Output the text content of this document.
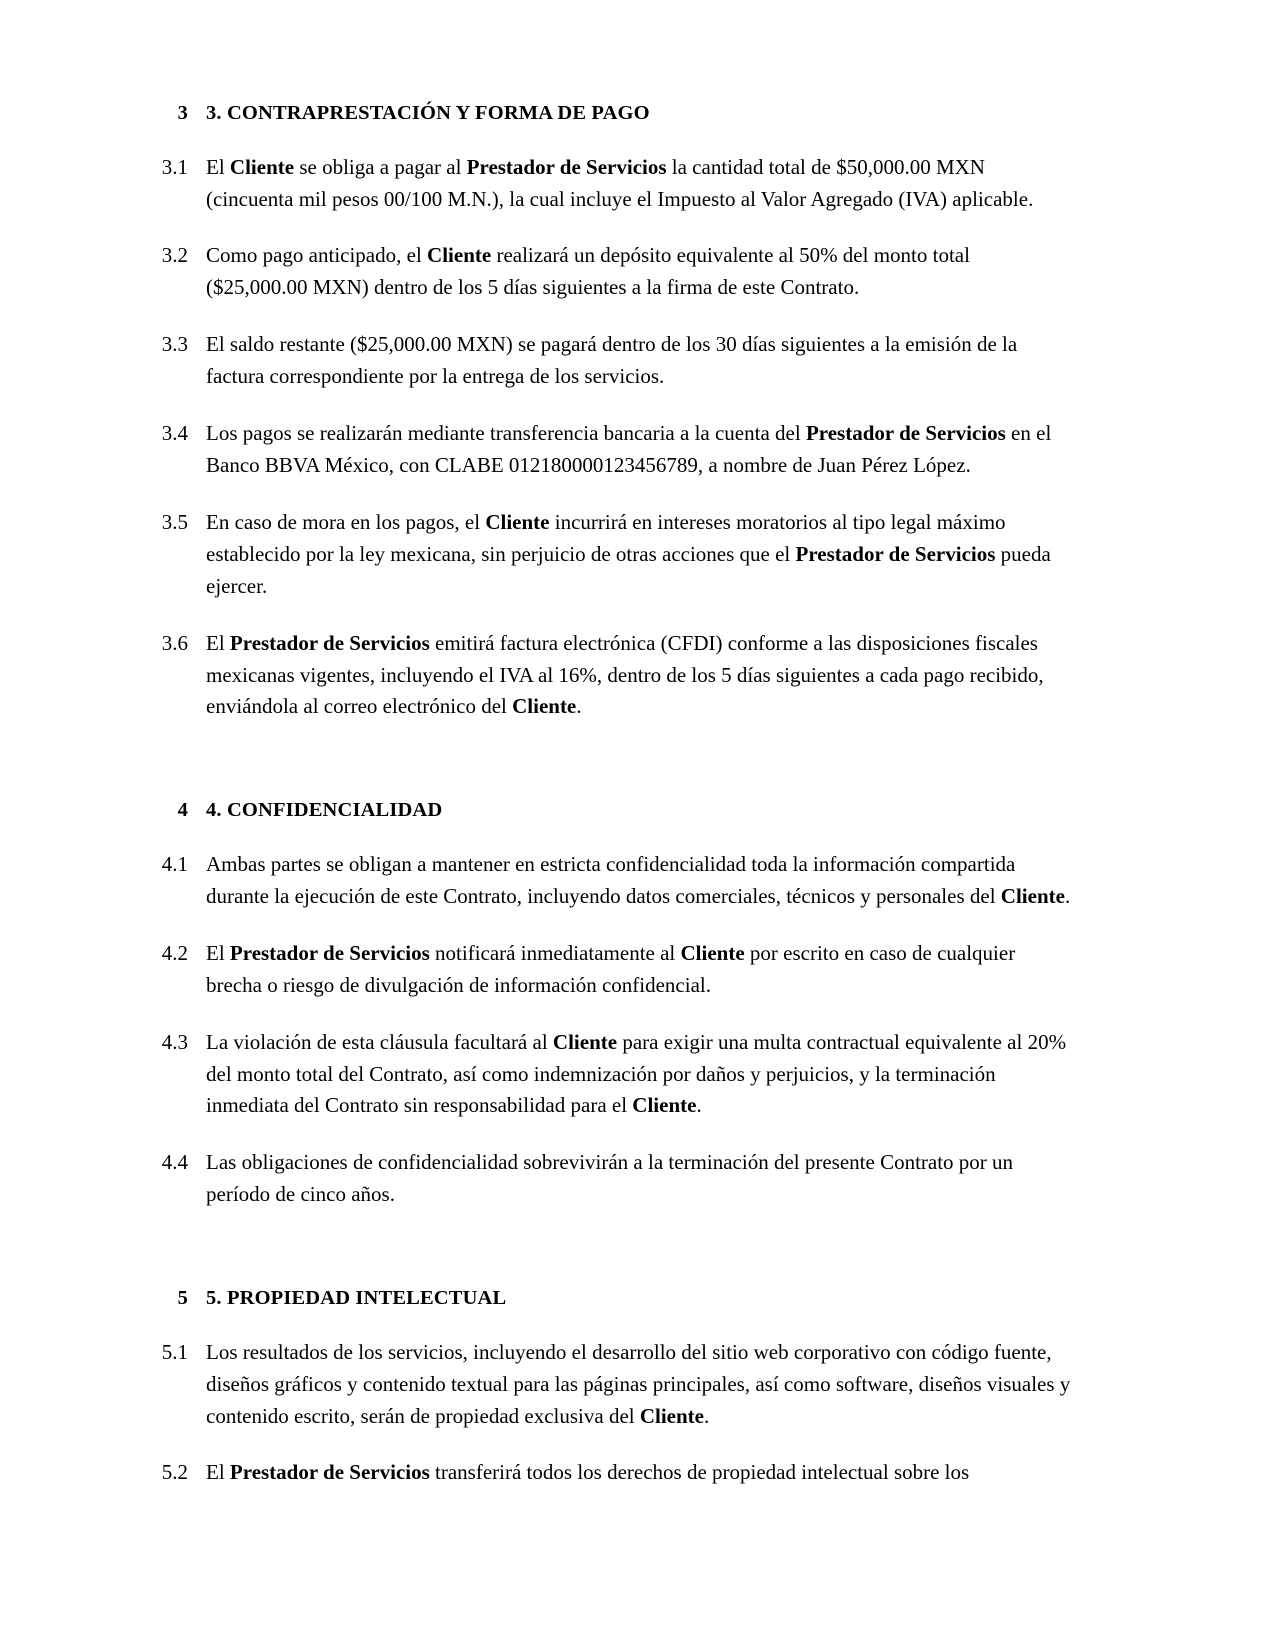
3 3. CONTRAPRESTACIÓN Y FORMA DE PAGO
3.1 El Cliente se obliga a pagar al Prestador de Servicios la cantidad total de $50,000.00 MXN (cincuenta mil pesos 00/100 M.N.), la cual incluye el Impuesto al Valor Agregado (IVA) aplicable.
3.2 Como pago anticipado, el Cliente realizará un depósito equivalente al 50% del monto total ($25,000.00 MXN) dentro de los 5 días siguientes a la firma de este Contrato.
3.3 El saldo restante ($25,000.00 MXN) se pagará dentro de los 30 días siguientes a la emisión de la factura correspondiente por la entrega de los servicios.
3.4 Los pagos se realizarán mediante transferencia bancaria a la cuenta del Prestador de Servicios en el Banco BBVA México, con CLABE 012180000123456789, a nombre de Juan Pérez López.
3.5 En caso de mora en los pagos, el Cliente incurrirá en intereses moratorios al tipo legal máximo establecido por la ley mexicana, sin perjuicio de otras acciones que el Prestador de Servicios pueda ejercer.
3.6 El Prestador de Servicios emitirá factura electrónica (CFDI) conforme a las disposiciones fiscales mexicanas vigentes, incluyendo el IVA al 16%, dentro de los 5 días siguientes a cada pago recibido, enviándola al correo electrónico del Cliente.
4 4. CONFIDENCIALIDAD
4.1 Ambas partes se obligan a mantener en estricta confidencialidad toda la información compartida durante la ejecución de este Contrato, incluyendo datos comerciales, técnicos y personales del Cliente.
4.2 El Prestador de Servicios notificará inmediatamente al Cliente por escrito en caso de cualquier brecha o riesgo de divulgación de información confidencial.
4.3 La violación de esta cláusula facultará al Cliente para exigir una multa contractual equivalente al 20% del monto total del Contrato, así como indemnización por daños y perjuicios, y la terminación inmediata del Contrato sin responsabilidad para el Cliente.
4.4 Las obligaciones de confidencialidad sobrevivirán a la terminación del presente Contrato por un período de cinco años.
5 5. PROPIEDAD INTELECTUAL
5.1 Los resultados de los servicios, incluyendo el desarrollo del sitio web corporativo con código fuente, diseños gráficos y contenido textual para las páginas principales, así como software, diseños visuales y contenido escrito, serán de propiedad exclusiva del Cliente.
5.2 El Prestador de Servicios transferirá todos los derechos de propiedad intelectual sobre los
